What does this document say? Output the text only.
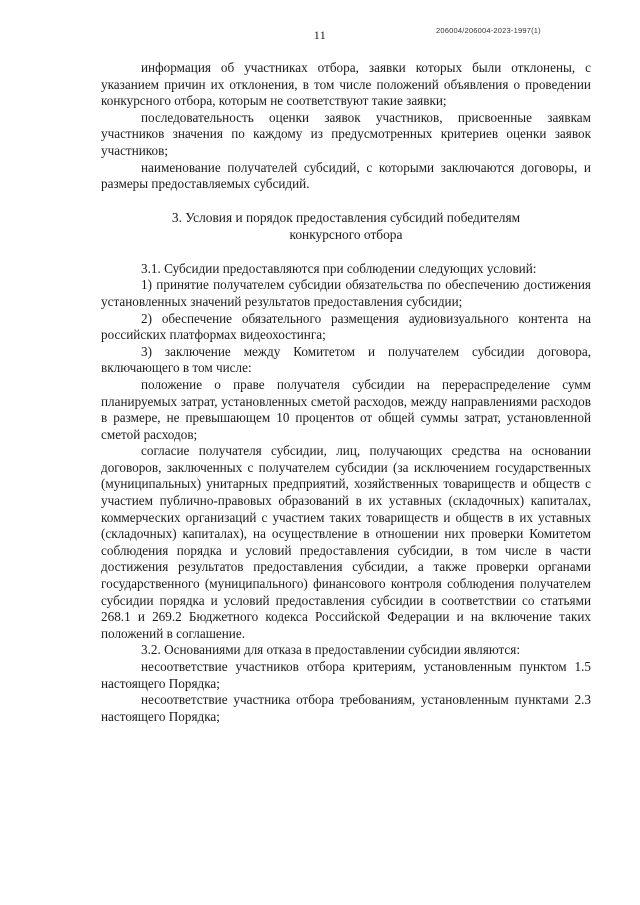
11	206004/206004-2023-1997(1)

информация об участниках отбора, заявки которых были отклонены, с указанием причин их отклонения, в том числе положений объявления о проведении конкурсного отбора, которым не соответствуют такие заявки;

последовательность оценки заявок участников, присвоенные заявкам участников значения по каждому из предусмотренных критериев оценки заявок участников;

наименование получателей субсидий, с которыми заключаются договоры, и размеры предоставляемых субсидий.

3. Условия и порядок предоставления субсидий победителям
конкурсного отбора

3.1. Субсидии предоставляются при соблюдении следующих условий:

1) принятие получателем субсидии обязательства по обеспечению достижения установленных значений результатов предоставления субсидии;

2) обеспечение обязательного размещения аудиовизуального контента на российских платформах видеохостинга;

3) заключение между Комитетом и получателем субсидии договора, включающего в том числе:

положение о праве получателя субсидии на перераспределение сумм планируемых затрат, установленных сметой расходов, между направлениями расходов в размере, не превышающем 10 процентов от общей суммы затрат, установленной сметой расходов;

согласие получателя субсидии, лиц, получающих средства на основании договоров, заключенных с получателем субсидии (за исключением государственных (муниципальных) унитарных предприятий, хозяйственных товариществ и обществ с участием публично-правовых образований в их уставных (складочных) капиталах, коммерческих организаций с участием таких товариществ и обществ в их уставных (складочных) капиталах), на осуществление в отношении них проверки Комитетом соблюдения порядка и условий предоставления субсидии, в том числе в части достижения результатов предоставления субсидии, а также проверки органами государственного (муниципального) финансового контроля соблюдения получателем субсидии порядка и условий предоставления субсидии в соответствии со статьями 268.1 и 269.2 Бюджетного кодекса Российской Федерации и на включение таких положений в соглашение.

3.2. Основаниями для отказа в предоставлении субсидии являются:

несоответствие участников отбора критериям, установленным пунктом 1.5 настоящего Порядка;

несоответствие участника отбора требованиям, установленным пунктами 2.3 настоящего Порядка;
